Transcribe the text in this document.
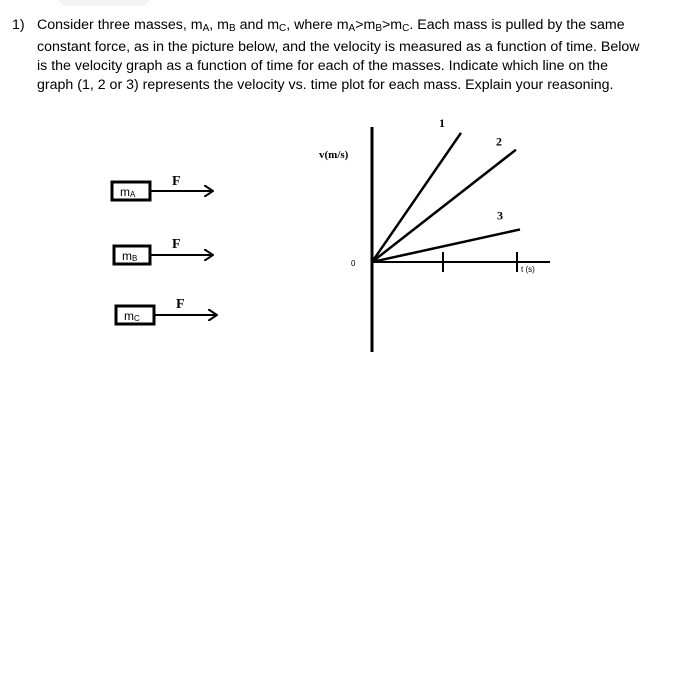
1) Consider three masses, $m_A$, $m_B$ and $m_C$, where $m_A>m_B>m_C$. Each mass is pulled by the same
constant force, as in the picture below, and the velocity is measured as a function of time. Below
is the velocity graph as a function of time for each of the masses. Indicate which line on the
graph (1, 2 or 3) represents the velocity vs. time plot for each mass. Explain your reasoning.
mA
F
mB
F
mC
F
v(m/s)
t (s)
0
1
2
3
